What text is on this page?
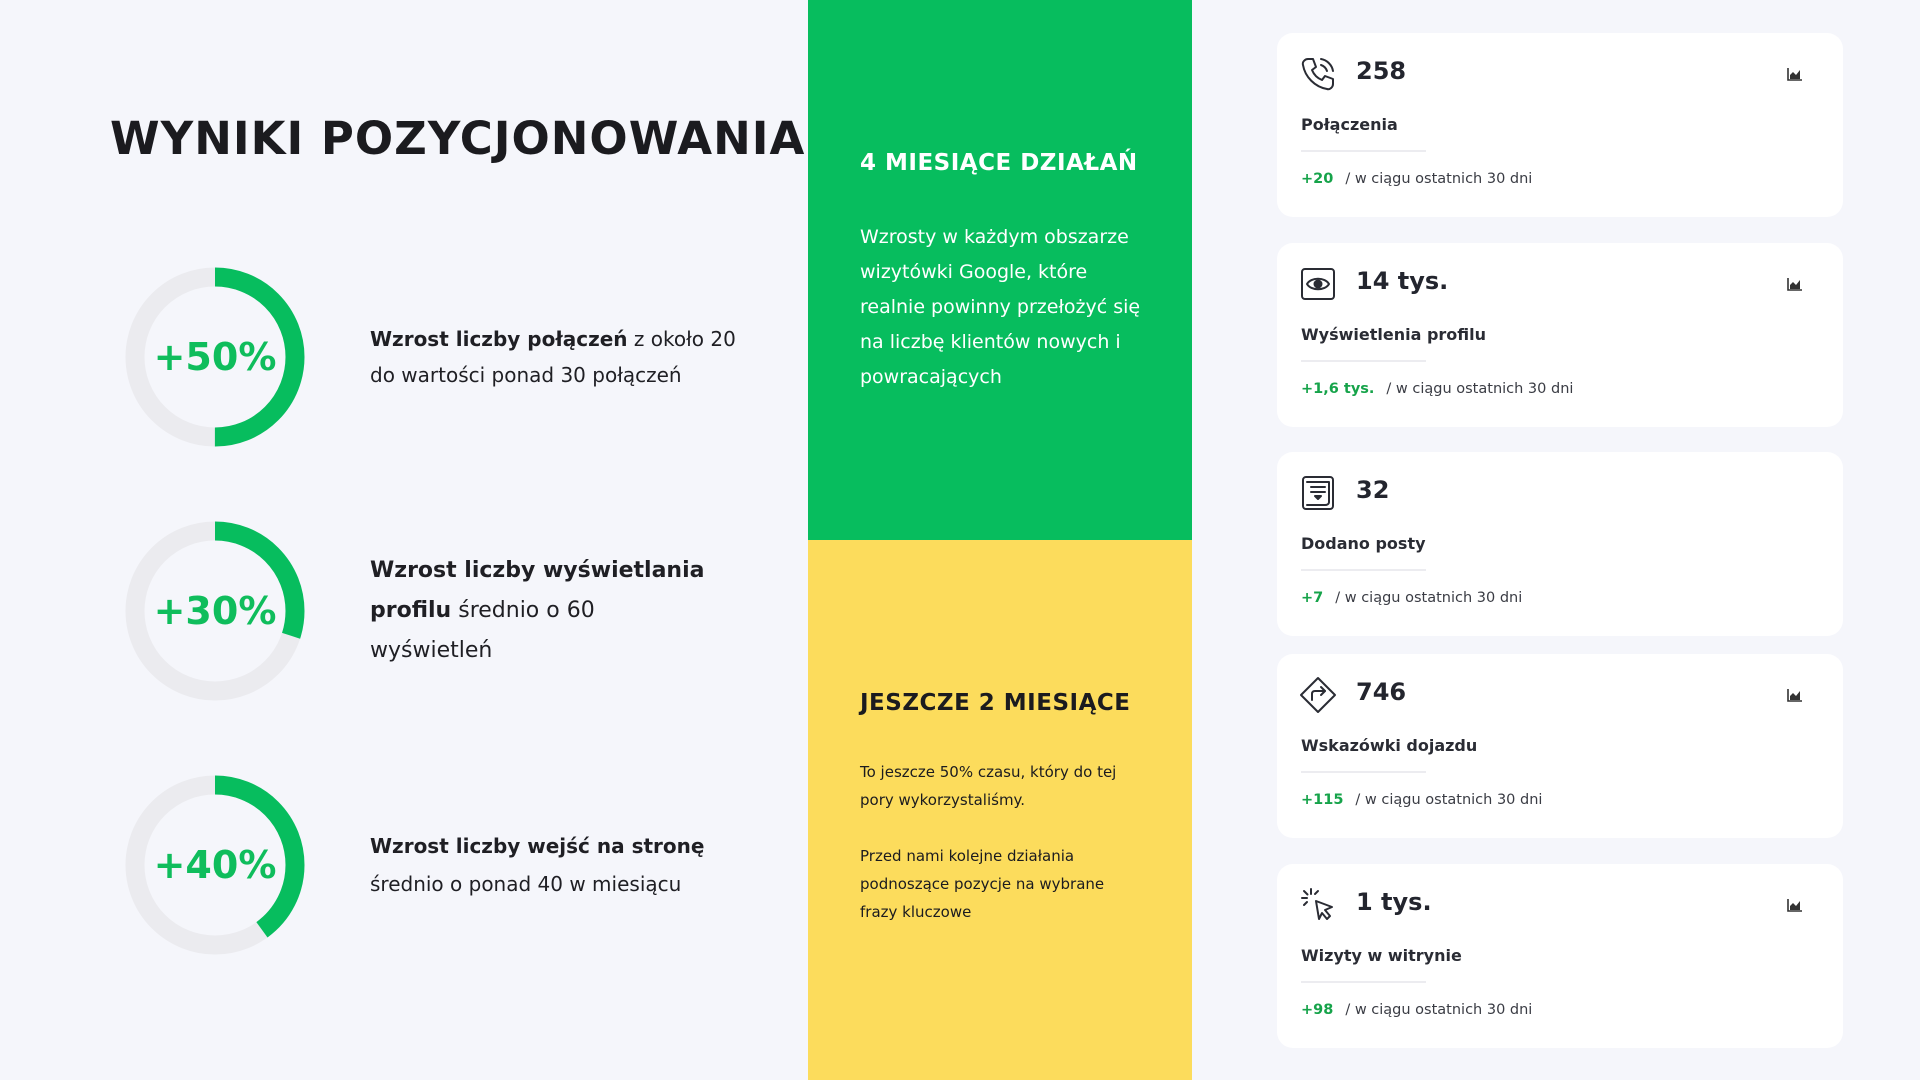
WYNIKI POZYCJONOWANIA
+50%	Wzrost liczby połączeń z około 20 do wartości ponad 30 połączeń
+30%
Wzrost liczby wyświetlania profilu średnio o 60 wyświetleń
+40%	Wzrost liczby wejść na stronę średnio o ponad 40 w miesiącu
4 MIESIĄCE DZIAŁAŃ

Wzrosty w każdym obszarze wizytówki Google, które realnie powinny przełożyć się na liczbę klientów nowych i powracających

JESZCZE 2 MIESIĄCE

To jeszcze 50% czasu, który do tej pory wykorzystaliśmy.

Przed nami kolejne działania podnoszące pozycje na wybrane frazy kluczowe

258
Połączenia
+20 / w ciągu ostatnich 30 dni
14 tys.
Wyświetlenia profilu
+1,6 tys. / w ciągu ostatnich 30 dni
32
Dodano posty
+7 / w ciągu ostatnich 30 dni
746
Wskazówki dojazdu
+115 / w ciągu ostatnich 30 dni
1 tys.
Wizyty w witrynie
+98 / w ciągu ostatnich 30 dni
